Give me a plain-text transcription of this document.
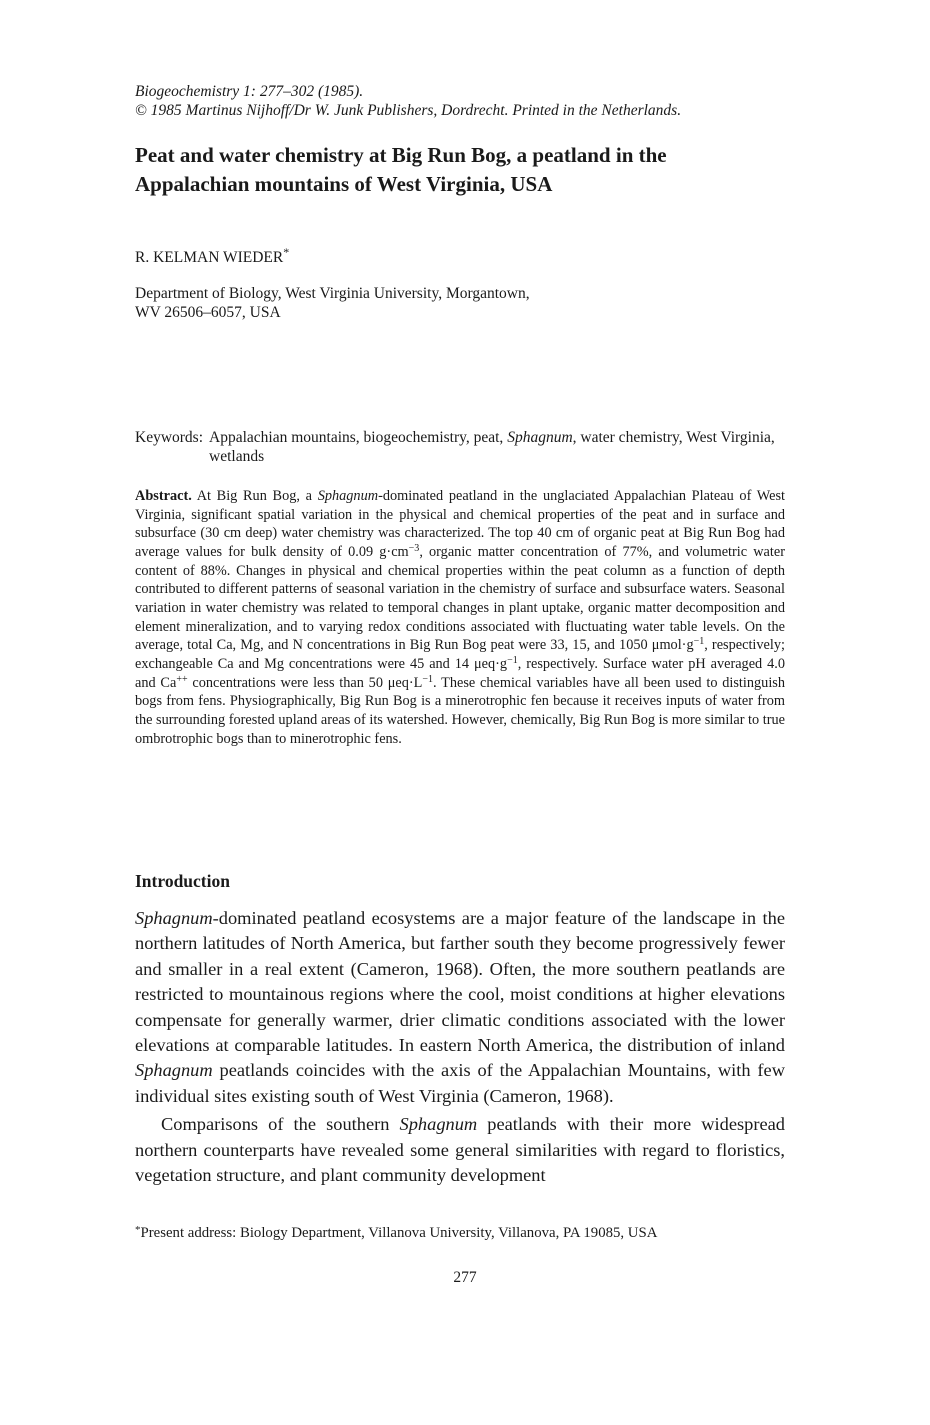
Biogeochemistry 1: 277–302 (1985).
© 1985 Martinus Nijhoff/Dr W. Junk Publishers, Dordrecht. Printed in the Netherlands.
Peat and water chemistry at Big Run Bog, a peatland in the
Appalachian mountains of West Virginia, USA
R. KELMAN WIEDER*
Department of Biology, West Virginia University, Morgantown,
WV 26506–6057, USA
Keywords: Appalachian mountains, biogeochemistry, peat, Sphagnum, water chemistry, West Virginia, wetlands
Abstract. At Big Run Bog, a Sphagnum-dominated peatland in the unglaciated Appalachian Plateau of West Virginia, significant spatial variation in the physical and chemical properties of the peat and in surface and subsurface (30 cm deep) water chemistry was characterized. The top 40 cm of organic peat at Big Run Bog had average values for bulk density of 0.09 $g\cdot cm^{-3}$, organic matter concentration of 77%, and volumetric water content of 88%. Changes in physical and chemical properties within the peat column as a function of depth contributed to different patterns of seasonal variation in the chemistry of surface and subsurface waters. Seasonal variation in water chemistry was related to temporal changes in plant uptake, organic matter decomposition and element mineralization, and to varying redox conditions associated with fluctuating water table levels. On the average, total Ca, Mg, and N concentrations in Big Run Bog peat were 33, 15, and 1050 $\mu mol\cdot g^{-1}$, respectively; exchangeable Ca and Mg concentrations were 45 and 14 $\mu eq\cdot g^{-1}$, respectively. Surface water pH averaged 4.0 and Ca++ concentrations were less than 50 $\mu eq\cdot L^{-1}$. These chemical variables have all been used to distinguish bogs from fens. Physiographically, Big Run Bog is a minerotrophic fen because it receives inputs of water from the surrounding forested upland areas of its watershed. However, chemically, Big Run Bog is more similar to true ombrotrophic bogs than to minerotrophic fens.
Introduction

Sphagnum-dominated peatland ecosystems are a major feature of the landscape in the northern latitudes of North America, but farther south they become progressively fewer and smaller in a real extent (Cameron, 1968). Often, the more southern peatlands are restricted to mountainous regions where the cool, moist conditions at higher elevations compensate for generally warmer, drier climatic conditions associated with the lower elevations at comparable latitudes. In eastern North America, the distribution of inland Sphagnum peatlands coincides with the axis of the Appalachian Mountains, with few individual sites existing south of West Virginia (Cameron, 1968).

Comparisons of the southern Sphagnum peatlands with their more widespread northern counterparts have revealed some general similarities with regard to floristics, vegetation structure, and plant community development

*Present address: Biology Department, Villanova University, Villanova, PA 19085, USA
277
